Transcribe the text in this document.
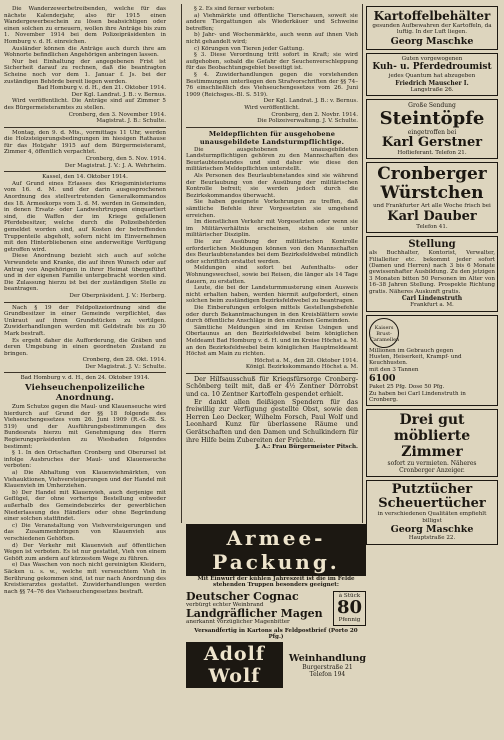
Die Wanderzewerbetreibenden, welche für das nächste Kalenderjahr, also für 1915 einen Wandergewerbeschein zu lösen beabsichtigen oder einen solchen zu erneuern, wollen ihre Anträge bis zum 1. November 1914 bei dem Polizeipräsidenten in Homburg v. d. H. einreichen.

Ausländer können die Anträge auch durch ihre am Wohnorte befindlichen Angehörigen anbringen lassen.

Nur bei Einhaltung der angegebenen Frist ist Sicherheit darauf zu rechnen, daß die beantragten Scheine noch vor dem 1. Januar f. Js. bei der zuständigen Behörde bereit liegen werden.

Bad Homburg v. d. H., den 21. Oktober 1914.

Der Kgl. Landrat. J. B.: v. Bernus.

Wird veröffentlicht. Die Anträge sind auf Zimmer 5 des Bürgermeisteramtes zu stellen.

Cronberg, den 3. November 1914.

Magistrat. J. B.: Schulte.

Montag, den 9. d. Mts., vormittags 11 Uhr, werden die Holzsteigerungsbedingungen im hiesigen Rathause für das Holzjahr 1915 auf dem Bürgermeisteramt, Zimmer 4, öffentlich verpachtet.

Cronberg, den 5. Nov. 1914.

Der Magistrat. J. V.: J. A. Wehrheim.

Kassel, den 14. Oktober 1914.

Auf Grund eines Erlasses des Kriegsministeriums vom 16. d. M. und der darin ausgesprochenen Anordnung des stellvertretenden Generalkommandos des 18. Armeekorps vom 3. d. M. werden in Gemeinden, in denen Ersatz- oder Landwehrtruppen einquartiert sind, die Waffen der im Kriege gefallenen Pferdebesitzer, welche durch die Polizeibehörden gemeldet worden sind, auf Kosten der betreffenden Truppenteile abgeholt, sofern nicht im Einvernehmen mit den Hinterbliebenen eine anderweitige Verfügung getroffen wird.

Diese Anordnung bezieht sich auch auf solche Verwundete und Kranke, die auf ihren Wunsch oder auf Antrag von Angehörigen in ihrer Heimat übergeführt und in der eigenen Familie untergebracht worden sind. Die Zulassung hierzu ist bei der zuständigen Stelle zu beantragen.

Der Oberpräsident. J. V.: Herberg.

Nach § 19 der Feldpolizeiordnung sind die Grundbesitzer in einer Gemeinde verpflichtet, das Unkraut auf ihren Grundstücken zu vertilgen. Zuwiderhandlungen werden mit Geldstrafe bis zu 30 Mark bestraft.

Es ergeht daher die Aufforderung, die Gräben und deren Umgebung in einen geordneten Zustand zu bringen.

Cronberg, den 28. Okt. 1914.

Der Magistrat. J. V.: Schulte.

Bad Homburg v. d. H., den 24. Oktober 1914.

Viehseuchenpolizeiliche Anordnung.

Zum Schutze gegen die Maul- und Klauenseuche wird hierdurch auf Grund der §§ 18 folgende des Viehseuchengesetzes vom 26. Juni 1909 (R.-G.-Bl. S. 519) und der Ausführungsbestimmungen des Bundesrats hierzu mit Genehmigung des Herrn Regierungspräsidenten zu Wiesbaden folgendes bestimmt:

§ 1. In den Ortschaften Cronberg und Oberursel ist infolge Ausbruches der Maul- und Klauenseuche verboten:

a) Die Abhaltung von Klauenviehmärkten, von Viehauktionen, Viehversteigerungen und der Handel mit Klauenvieh im Umherziehen.

b) Der Handel mit Klauenvieh, auch derjenige mit Geflügel, der ohne vorherige Bestellung entweder außerhalb des Gemeindebezirks der gewerblichen Niederlassung des Händlers oder ohne Begründung einer solchen stattfindet.

c) Die Veranstaltung von Viehversteigerungen und das Zusammenbringen von Klauenvieh aus verschiedenen Gehöften.

d) Der Verkehr mit Klauenvieh auf öffentlichen Wegen ist verboten. Es ist nur gestattet, Vieh von einem Gehöft zum andern auf kürzestem Wege zu führen.

e) Das Waschen von noch nicht gereinigten Kleidern, Säcken u. s. w., welche mit verseuchtem Vieh in Berührung gekommen sind, ist nur nach Anordnung des Kreistierarztes gestattet. Zuwiderhandlungen werden nach §§ 74–76 des Viehseuchengesetzes bestraft.

§ 2. Es sind ferner verboten:

a) Viehmärkte und öffentliche Tierschauen, soweit sie andere Tiergattungen als Wiederkäuer und Schweine betreffen;

b) Jahr- und Wochenmärkte, auch wenn auf ihnen Vieh nicht gehandelt wird;

c) Körungen von Tieren jeder Gattung.

§ 3. Diese Verordnung tritt sofort in Kraft; sie wird aufgehoben, sobald die Gefahr der Seuchenverschleppung für das Beobachtungsgebiet beseitigt ist.

§ 4. Zuwiderhandlungen gegen die vorstehenden Bestimmungen unterliegen den Strafvorschriften der §§ 74–76 einschließlich des Viehseuchengesetzes vom 26. Juni 1909 (Reichsges.-Bl. S. 519).

Der Kgl. Landrat. J. B.: v. Bernus.

Wird veröffentlicht.

Cronberg, den 2. Novbr. 1914.

Die Polizeiverwaltung. J. V. Schulte.

Meldepflichten für ausgehobene unausgebildete Landsturmpflichtige.

Die ausgehobenen unausgebildeten Landsturmpflichtigen gehören zu den Mannschaften des Beurlaubtenstandes und sind daher wie diese den militärischen Meldepflichten unterstellt.

Als Personen des Beurlaubtenstandes sind sie während der Beurlaubung von der Ausübung der militärischen Kontrolle befreit; sie werden jedoch durch die Bezirkskommandos überwacht.

Sie haben geeignete Vorkehrungen zu treffen, daß sämtliche Befehle ihrer Vorgesetzten sie umgehend erreichen.

Im dienstlichen Verkehr mit Vorgesetzten oder wenn sie im Militärverhältnis erscheinen, stehen sie unter militärischer Disziplin.

Die zur Ausübung der militärischen Kontrolle erforderlichen Meldungen können von den Mannschaften des Beurlaubtenstandes bei dem Bezirksfeldwebel mündlich oder schriftlich erstattet werden.

Meldungen sind sofort bei Aufenthalts- oder Wohnungswechsel, sowie bei Reisen, die länger als 14 Tage dauern, zu erstatten.

Leute, die bei der Landsturmmusterung einen Ausweis nicht erhalten haben, werden hiermit aufgefordert, einen solchen beim zuständigen Bezirksfeldwebel zu beantragen.

Die Einberufungen erfolgen mittels Gestellungsbefehle oder durch Bekanntmachungen in den Kreisblättern sowie durch öffentliche Anschläge in den einzelnen Gemeinden.

Sämtliche Meldungen sind im Kreise Usingen und Obertaunus an den Bezirksfeldwebel beim königlichen Meldeamt Bad Homburg v. d. H. und im Kreise Höchst a. M. an den Bezirksfeldwebel beim königlichen Hauptmeldeamt Höchst am Main zu richten.

Höchst a. M., den 28. Oktober 1914.

Königl. Bezirkskommando Höchst a. M.

Der Hilfsausschuß für Kriegsfürsorge Cronberg-Schönberg teilt mit, daß er 4½ Zentner Dörrobst und ca. 10 Zentner Kartoffeln gespendet erhielt.

Er dankt allen fleißigen Spendern für das freiwillig zur Verfügung gestellte Obst, sowie den Herren Leo Decker, Wilhelm Forsch, Paul Wolf und Leonhard Kunz für überlassene Räume und Gerätschaften und den Damen und Schulkindern für ihre Hilfe beim Zubereiten der Früchte.

J. A.: Frau Bürgermeister Pitsch.

Kartoffelbehälter
gesunden Aufbewahren der Kartoffeln, da luftig. In der Luft liegen.
Georg Maschke
Guten vorgewogenen
Kuh- u. Pferdedroumist
jedes Quantum hat abzugeben
Friedrich Mauscher I.
Langstraße 26.
Große Sendung
Steintöpfe
eingetroffen bei
Karl Gerstner
Hoflieferant. Telefon 21.
Cronberger
Würstchen
und Frankfurter Art alle Woche frisch bei
Karl Dauber
Telefon 41.
Stellung
als Buchhalter, Kontorist, Verwalter, Filialleiter etc. bekommt jeder sofort (Damen und Herren) nach 3 bis 6 Monate gewissenhafter Ausbildung. Zu den jetzigen 3 Monaten bitten 50 Personen im Alter von 16–38 Jahren Stellung. Prospekte Richtung gratis. Näheres Auskunft gratis.
Carl Lindenstruth
Frankfurt a. M.
Kaisers Brust-Caramellen Millionen im Gebrauch gegen Husten, Heiserkeit, Krampf- und Keuchhusten.
mit den 3 Tannen
6100
Paket 25 Pfg. Dose 50 Pfg.
Zu haben bei Carl Lindenstruth in Cronberg.
Drei gut möblierte Zimmer
sofort zu vermieten. Näheres Cronberger Anzeiger.
Putztücher
Scheuertücher
in verschiedenen Qualitäten empfiehlt billigst
Georg Maschke
Hauptstraße 22.
Armee-Packung.
Mit Einwurf der kühlen Jahreszeit ist die im Felde stehenden Truppen besonders geeignet:
Deutscher Cognac
verbürgt echter Weinbrand
Landgräflicher Magen
anerkannt vorzüglicher Magenbitter
à Stück
80
Pfennig
Versandfertig in Kartons als Feldpostbrief (Porto 20 Pfg.)
Adolf Wolf
Weinhandlung
Burgerstraße 21
Telefon 194
